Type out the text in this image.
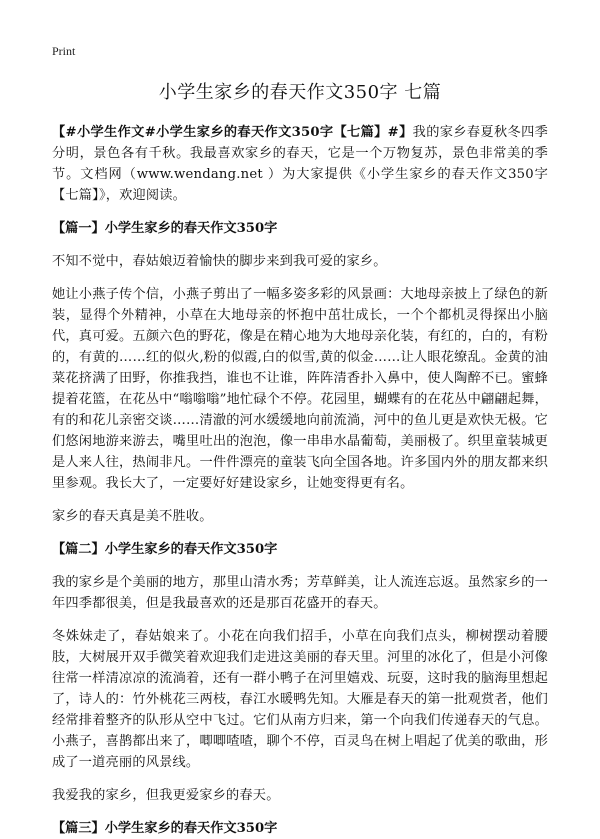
Print
小学生家乡的春天作文350字 七篇

【#小学生作文#小学生家乡的春天作文350字【七篇】#】我的家乡春夏秋冬四季分明，景色各有千秋。我最喜欢家乡的春天，它是一个万物复苏，景色非常美的季节。文档网（www.wendang.net ）为大家提供《小学生家乡的春天作文350字【七篇】》，欢迎阅读。

【篇一】小学生家乡的春天作文350字

不知不觉中，春姑娘迈着愉快的脚步来到我可爱的家乡。

她让小燕子传个信，小燕子剪出了一幅多姿多彩的风景画：大地母亲披上了绿色的新装，显得个外精神，小草在大地母亲的怀抱中茁壮成长，一个个都机灵得探出小脑代，真可爱。五颜六色的野花，像是在精心地为大地母亲化装，有红的，白的，有粉的，有黄的……红的似火,粉的似霞,白的似雪,黄的似金……让人眼花缭乱。金黄的油菜花挤满了田野，你推我挡，谁也不让谁，阵阵清香扑入鼻中，使人陶醉不已。蜜蜂提着花篮，在花丛中“嗡嗡嗡”地忙碌个不停。花园里，蝴蝶有的在花丛中翩翩起舞，有的和花儿亲密交谈……清澈的河水缓缓地向前流淌，河中的鱼儿更是欢快无极。它们悠闲地游来游去，嘴里吐出的泡泡，像一串串水晶葡萄，美丽极了。织里童装城更是人来人往，热闹非凡。一件件漂亮的童装飞向全国各地。许多国内外的朋友都来织里参观。我长大了，一定要好好建设家乡，让她变得更有名。

家乡的春天真是美不胜收。

【篇二】小学生家乡的春天作文350字

我的家乡是个美丽的地方，那里山清水秀；芳草鲜美，让人流连忘返。虽然家乡的一年四季都很美，但是我最喜欢的还是那百花盛开的春天。

冬姝妹走了，春姑娘来了。小花在向我们招手，小草在向我们点头，柳树摆动着腰肢，大树展开双手微笑着欢迎我们走进这美丽的春天里。河里的冰化了，但是小河像往常一样清凉凉的流淌着，还有一群小鸭子在河里嬉戏、玩耍，这时我的脑海里想起了，诗人的：竹外桃花三两枝，春江水暖鸭先知。大雁是春天的第一批观赏者，他们经常排着整齐的队形从空中飞过。它们从南方归来，第一个向我们传递春天的气息。小燕子，喜鹊都出来了，唧唧喳喳，聊个不停，百灵鸟在树上唱起了优美的歌曲，形成了一道亮丽的风景线。

我爱我的家乡，但我更爱家乡的春天。

【篇三】小学生家乡的春天作文350字
